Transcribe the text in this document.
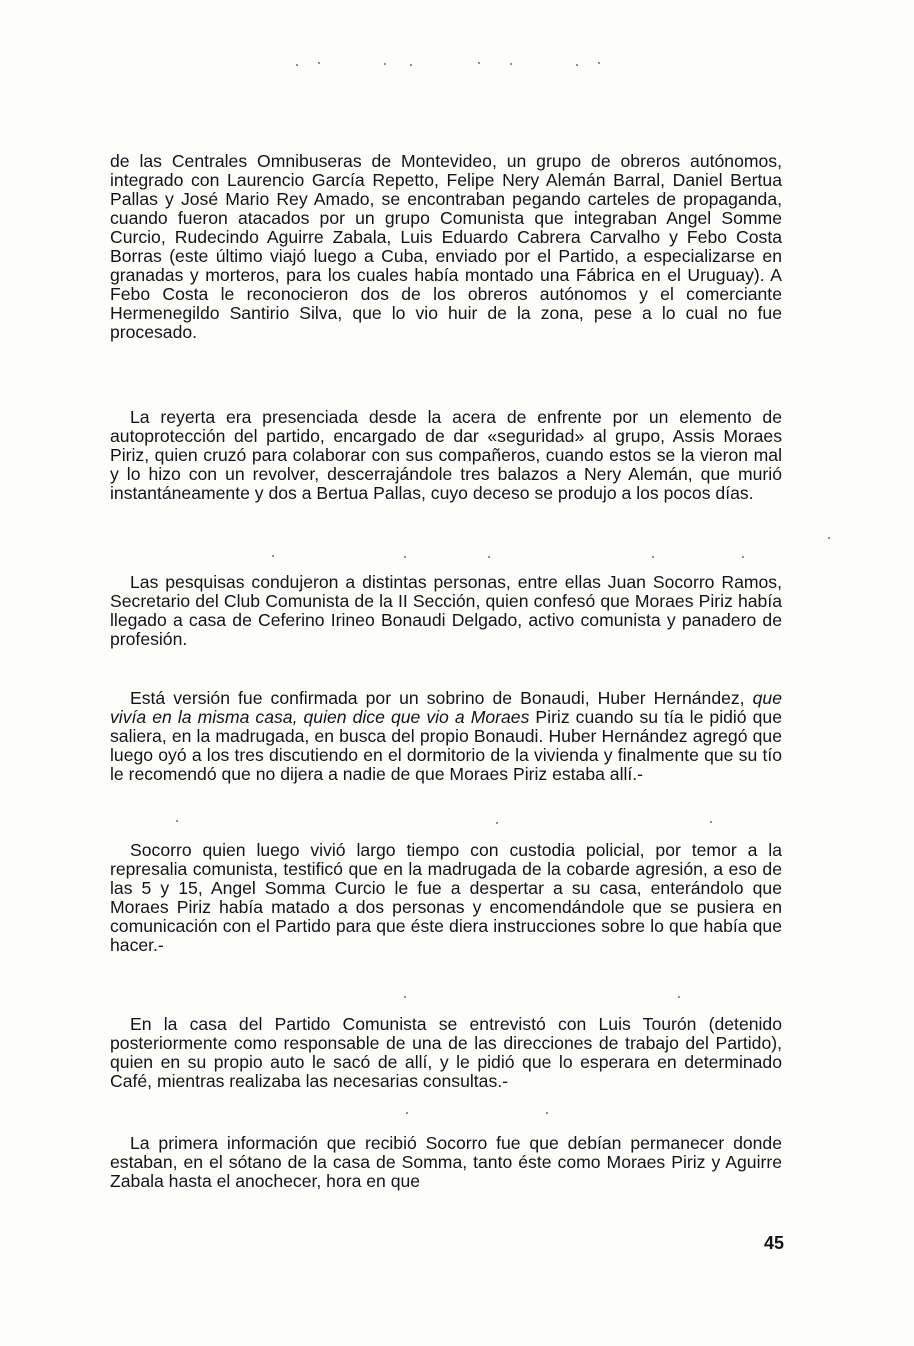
de las Centrales Omnibuseras de Montevideo, un grupo de obreros autónomos, integrado con Laurencio García Repetto, Felipe Nery Alemán Barral, Daniel Bertua Pallas y José Mario Rey Amado, se encontraban pegando carteles de propaganda, cuando fueron atacados por un grupo Comunista que integraban Angel Somme Curcio, Rudecindo Aguirre Zabala, Luis Eduardo Cabrera Carvalho y Febo Costa Borras (este último viajó luego a Cuba, enviado por el Partido, a especializarse en granadas y morteros, para los cuales había montado una Fábrica en el Uruguay). A Febo Costa le reconocieron dos de los obreros autónomos y el comerciante Hermenegildo Santirio Silva, que lo vio huir de la zona, pese a lo cual no fue procesado.

La reyerta era presenciada desde la acera de enfrente por un elemento de autoprotección del partido, encargado de dar «seguridad» al grupo, Assis Moraes Piriz, quien cruzó para colaborar con sus compañeros, cuando estos se la vieron mal y lo hizo con un revolver, descerrajándole tres balazos a Nery Alemán, que murió instantáneamente y dos a Bertua Pallas, cuyo deceso se produjo a los pocos días.

Las pesquisas condujeron a distintas personas, entre ellas Juan Socorro Ramos, Secretario del Club Comunista de la II Sección, quien confesó que Moraes Piriz había llegado a casa de Ceferino Irineo Bonaudi Delgado, activo comunista y panadero de profesión.

Está versión fue confirmada por un sobrino de Bonaudi, Huber Hernández, que vivía en la misma casa, quien dice que vio a Moraes Piriz cuando su tía le pidió que saliera, en la madrugada, en busca del propio Bonaudi. Huber Hernández agregó que luego oyó a los tres discutiendo en el dormitorio de la vivienda y finalmente que su tío le recomendó que no dijera a nadie de que Moraes Piriz estaba allí.-

Socorro quien luego vivió largo tiempo con custodia policial, por temor a la represalia comunista, testificó que en la madrugada de la cobarde agresión, a eso de las 5 y 15, Angel Somma Curcio le fue a despertar a su casa, enterándolo que Moraes Piriz había matado a dos personas y encomendándole que se pusiera en comunicación con el Partido para que éste diera instrucciones sobre lo que había que hacer.-

En la casa del Partido Comunista se entrevistó con Luis Tourón (detenido posteriormente como responsable de una de las direcciones de trabajo del Partido), quien en su propio auto le sacó de allí, y le pidió que lo esperara en determinado Café, mientras realizaba las necesarias consultas.-

La primera información que recibió Socorro fue que debían permanecer donde estaban, en el sótano de la casa de Somma, tanto éste como Moraes Piriz y Aguirre Zabala hasta el anochecer, hora en que

45
